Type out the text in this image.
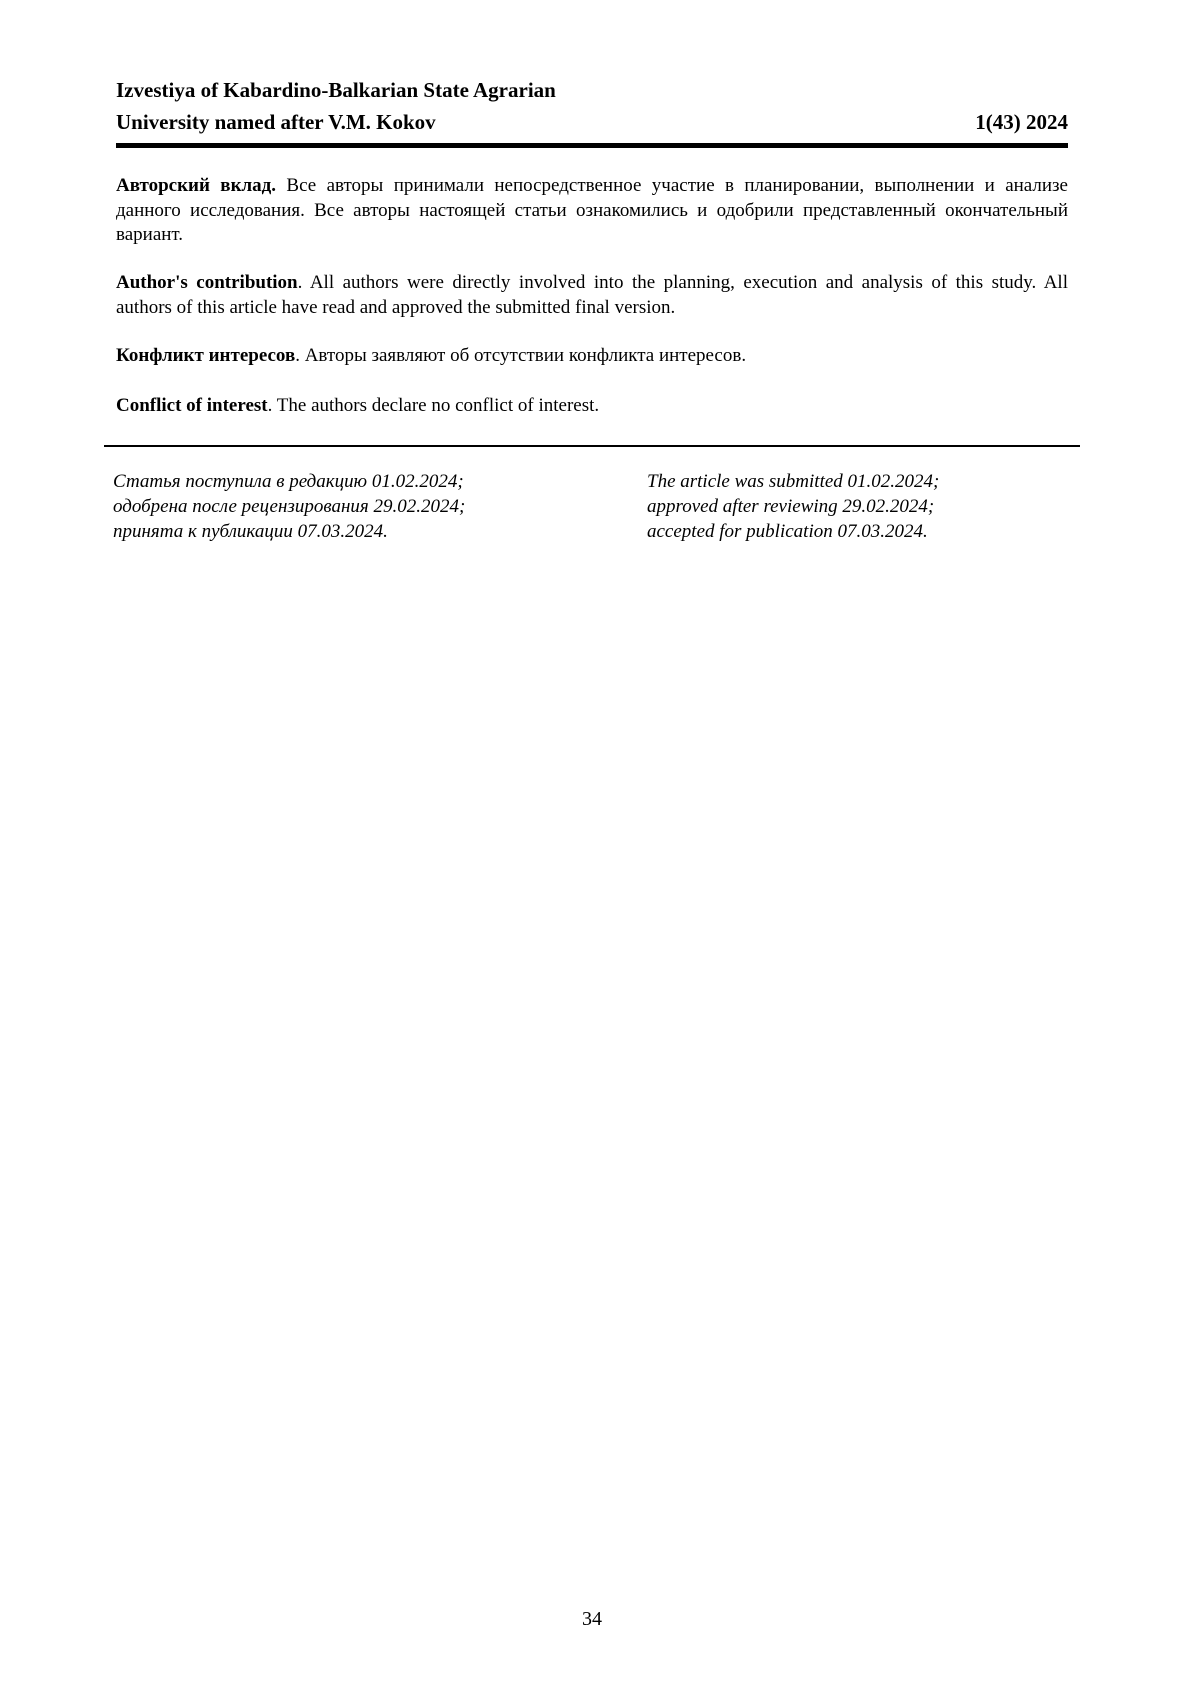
Izvestiya of Kabardino-Balkarian State Agrarian
University named after V.M. Kokov	1(43) 2024
Авторский вклад. Все авторы принимали непосредственное участие в планировании, выполнении и анализе данного исследования. Все авторы настоящей статьи ознакомились и одобрили представленный окончательный вариант.
Author's contribution. All authors were directly involved into the planning, execution and analysis of this study. All authors of this article have read and approved the submitted final version.
Конфликт интересов. Авторы заявляют об отсутствии конфликта интересов.
Conflict of interest. The authors declare no conflict of interest.
Статья поступила в редакцию 01.02.2024;
одобрена после рецензирования 29.02.2024;
принята к публикации 07.03.2024.
The article was submitted 01.02.2024;
approved after reviewing 29.02.2024;
accepted for publication 07.03.2024.
34
